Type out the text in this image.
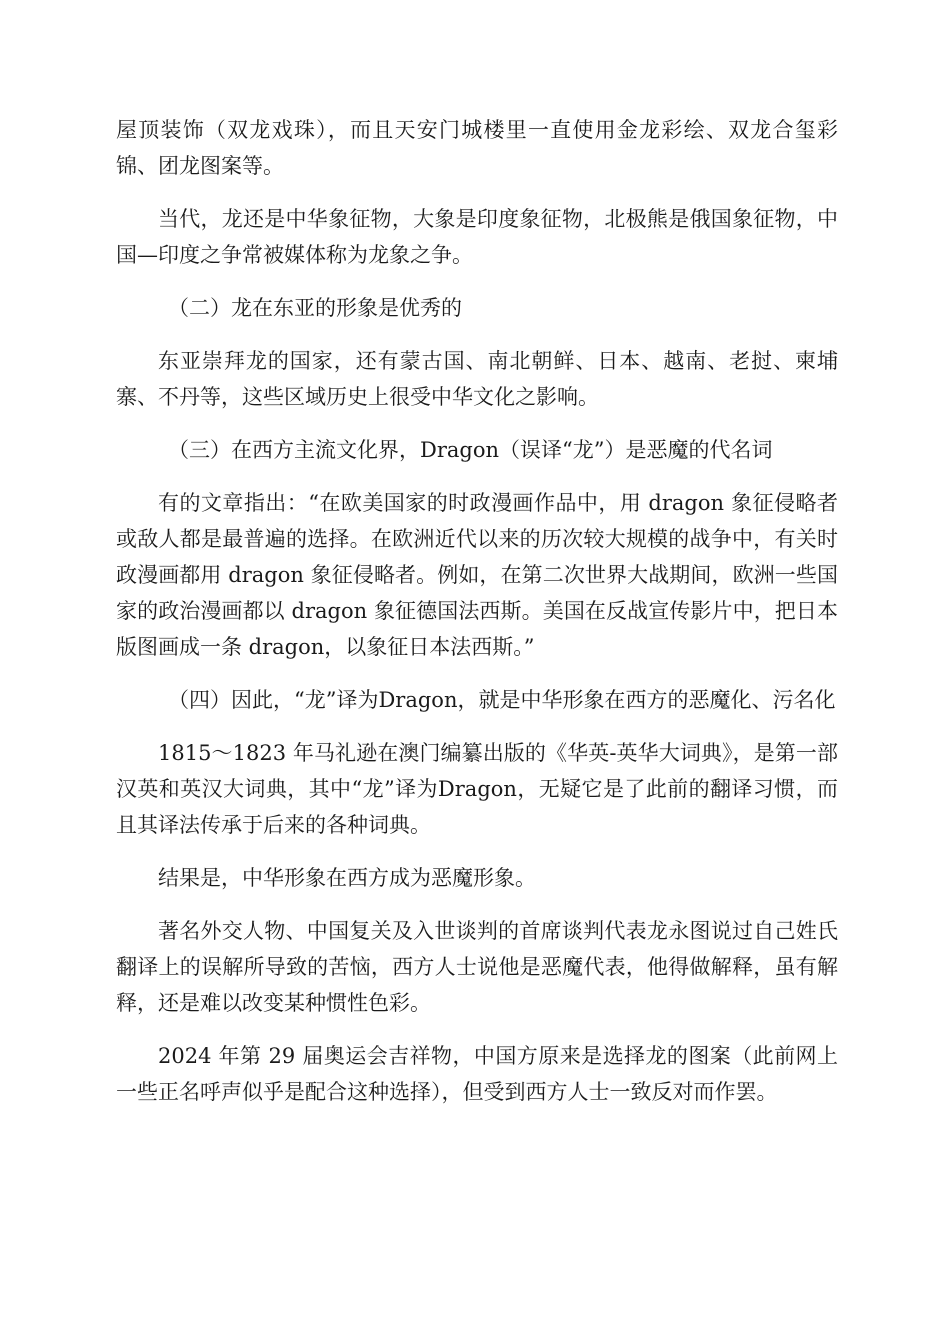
屋顶装饰（双龙戏珠），而且天安门城楼里一直使用金龙彩绘、双龙合玺彩锦、团龙图案等。

当代，龙还是中华象征物，大象是印度象征物，北极熊是俄国象征物，中国—印度之争常被媒体称为龙象之争。

（二）龙在东亚的形象是优秀的

东亚崇拜龙的国家，还有蒙古国、南北朝鲜、日本、越南、老挝、柬埔寨、不丹等，这些区域历史上很受中华文化之影响。

（三）在西方主流文化界，Dragon（误译“龙”）是恶魔的代名词

有的文章指出：“在欧美国家的时政漫画作品中，用 dragon 象征侵略者或敌人都是最普遍的选择。在欧洲近代以来的历次较大规模的战争中，有关时政漫画都用 dragon 象征侵略者。例如，在第二次世界大战期间，欧洲一些国家的政治漫画都以 dragon 象征德国法西斯。美国在反战宣传影片中，把日本版图画成一条 dragon，以象征日本法西斯。”

（四）因此，“龙”译为Dragon，就是中华形象在西方的恶魔化、污名化

1815～1823 年马礼逊在澳门编纂出版的《华英-英华大词典》，是第一部汉英和英汉大词典，其中“龙”译为Dragon，无疑它是了此前的翻译习惯，而且其译法传承于后来的各种词典。

结果是，中华形象在西方成为恶魔形象。

著名外交人物、中国复关及入世谈判的首席谈判代表龙永图说过自己姓氏翻译上的误解所导致的苦恼，西方人士说他是恶魔代表，他得做解释，虽有解释，还是难以改变某种惯性色彩。

2024 年第 29 届奥运会吉祥物，中国方原来是选择龙的图案（此前网上一些正名呼声似乎是配合这种选择），但受到西方人士一致反对而作罢。
